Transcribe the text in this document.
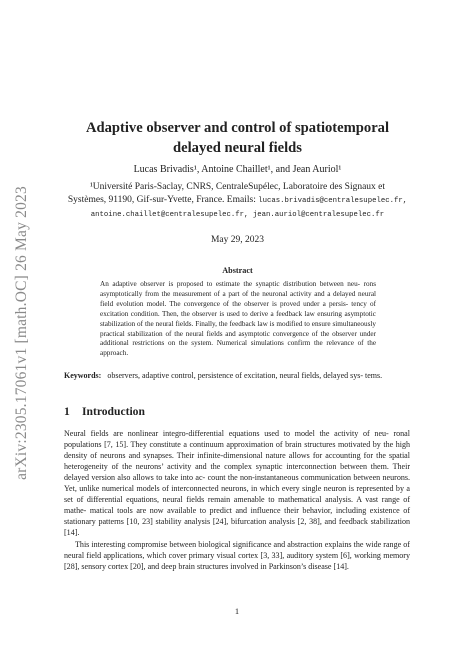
arXiv:2305.17061v1 [math.OC] 26 May 2023
Adaptive observer and control of spatiotemporal
delayed neural fields

Lucas Brivadis¹, Antoine Chaillet¹, and Jean Auriol¹

¹Université Paris-Saclay, CNRS, CentraleSupélec, Laboratoire des Signaux et
Systèmes, 91190, Gif-sur-Yvette, France. Emails: lucas.brivadis@centralesupelec.fr,
antoine.chaillet@centralesupelec.fr, jean.auriol@centralesupelec.fr

May 29, 2023

Abstract

An adaptive observer is proposed to estimate the synaptic distribution between neu- rons asymptotically from the measurement of a part of the neuronal activity and a delayed neural field evolution model. The convergence of the observer is proved under a persis- tency of excitation condition. Then, the observer is used to derive a feedback law ensuring asymptotic stabilization of the neural fields. Finally, the feedback law is modified to ensure simultaneously practical stabilization of the neural fields and asymptotic convergence of the observer under additional restrictions on the system. Numerical simulations confirm the relevance of the approach.

Keywords: observers, adaptive control, persistence of excitation, neural fields, delayed sys- tems.

1 Introduction
Neural fields are nonlinear integro-differential equations used to model the activity of neu- ronal populations [7, 15]. They constitute a continuum approximation of brain structures motivated by the high density of neurons and synapses. Their infinite-dimensional nature allows for accounting for the spatial heterogeneity of the neurons’ activity and the complex synaptic interconnection between them. Their delayed version also allows to take into ac- count the non-instantaneous communication between neurons. Yet, unlike numerical models of interconnected neurons, in which every single neuron is represented by a set of differential equations, neural fields remain amenable to mathematical analysis. A vast range of mathe- matical tools are now available to predict and influence their behavior, including existence of stationary patterns [10, 23] stability analysis [24], bifurcation analysis [2, 38], and feedback stabilization [14].
This interesting compromise between biological significance and abstraction explains the wide range of neural field applications, which cover primary visual cortex [3, 33], auditory system [6], working memory [28], sensory cortex [20], and deep brain structures involved in Parkinson’s disease [14].

1
